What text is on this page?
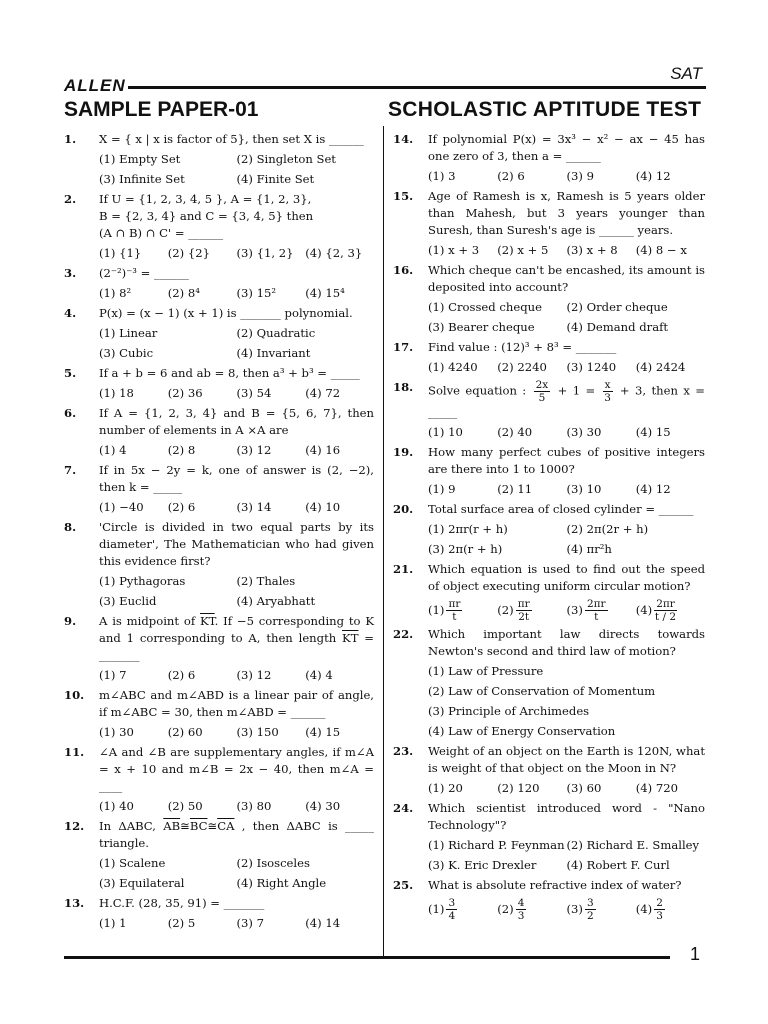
ALLEN
SAT
SAMPLE PAPER-01	SCHOLASTIC APTITUDE TEST
1
1. X = { x | x is factor of 5}, then set X is ______
(1) Empty Set	(2) Singleton Set
(3) Infinite Set	(4) Finite Set
2. If U = {1, 2, 3, 4, 5 }, A = {1, 2, 3},
B = {2, 3, 4} and C = {3, 4, 5} then
(A ∩ B) ∩ C' = ______
(1) {1}	(2) {2}	(3) {1, 2}	(4) {2, 3}
3. (2⁻²)⁻³ = ______
(1) 8²	(2) 8⁴	(3) 15²	(4) 15⁴
4. P(x) = (x − 1) (x + 1) is _______ polynomial.
(1) Linear	(2) Quadratic
(3) Cubic	(4) Invariant
5. If a + b = 6 and ab = 8, then a³ + b³ = _____
(1) 18	(2) 36	(3) 54	(4) 72
6. If A = {1, 2, 3, 4} and B = {5, 6, 7}, then number of elements in A ×A are
(1) 4	(2) 8	(3) 12	(4) 16
7. If in 5x − 2y = k, one of answer is (2, −2), then k = _____
(1) −40	(2) 6	(3) 14	(4) 10
8. 'Circle is divided in two equal parts by its diameter', The Mathematician who had given this evidence first?
(1) Pythagoras	(2) Thales
(3) Euclid	(4) Aryabhatt
9. A is midpoint of $\overline{KT}$. If −5 corresponding to K and 1 corresponding to A, then length $\overline{KT}$ = _______
(1) 7	(2) 6	(3) 12	(4) 4
10. m∠ABC and m∠ABD is a linear pair of angle, if m∠ABC = 30, then m∠ABD = ______
(1) 30	(2) 60	(3) 150	(4) 15
11. ∠A and ∠B are supplementary angles, if m∠A = x + 10 and m∠B = 2x − 40, then m∠A = ____
(1) 40	(2) 50	(3) 80	(4) 30
12. In ΔABC, $\overline{AB}≅\overline{BC}≅\overline{CA}$ , then ΔABC is _____ triangle.
(1) Scalene	(2) Isosceles
(3) Equilateral	(4) Right Angle
13. H.C.F. (28, 35, 91) = _______
(1) 1	(2) 5	(3) 7	(4) 14
14. If polynomial P(x) = 3x³ − x² − ax − 45 has one zero of 3, then a = ______
(1) 3	(2) 6	(3) 9	(4) 12
15. Age of Ramesh is x, Ramesh is 5 years older than Mahesh, but 3 years younger than Suresh, than Suresh's age is ______ years.
(1) x + 3	(2) x + 5	(3) x + 8	(4) 8 − x
16. Which cheque can't be encashed, its amount is deposited into account?
(1) Crossed cheque	(2) Order cheque
(3) Bearer cheque	(4) Demand draft
17. Find value : (12)³ + 8³ = _______
(1) 4240	(2) 2240	(3) 1240	(4) 2424
18. Solve equation : $\frac{2x}{5} + 1 = \frac{x}{3} + 3$, then x = _____
(1) 10	(2) 40	(3) 30	(4) 15
19. How many perfect cubes of positive integers are there into 1 to 1000?
(1) 9	(2) 11	(3) 10	(4) 12
20. Total surface area of closed cylinder = ______
(1) 2πr(r + h)	(2) 2π(2r + h)
(3) 2π(r + h)	(4) πr²h
21. Which equation is used to find out the speed of object executing uniform circular motion?
$(1) \frac{\pi r}{t}$	$(2) \frac{\pi r}{2t}$	$(3) \frac{2\pi r}{t} (4) \frac{2\pi r}{t / 2}$
22. Which important law directs towards Newton's second and third law of motion?
(1) Law of Pressure
(2) Law of Conservation of Momentum
(3) Principle of Archimedes
(4) Law of Energy Conservation
23. Weight of an object on the Earth is 120N, what is weight of that object on the Moon in N?
(1) 20	(2) 120	(3) 60	(4) 720
24. Which scientist introduced word - "Nano Technology"?
(1) Richard P. Feynman (2) Richard E. Smalley
(3) K. Eric Drexler	(4) Robert F. Curl
25. What is absolute refractive index of water?
$(1) \frac{3}{4}$	$(2) \frac{4}{3}$	$(3) \frac{3}{2}$	$(4) \frac{2}{3}$
